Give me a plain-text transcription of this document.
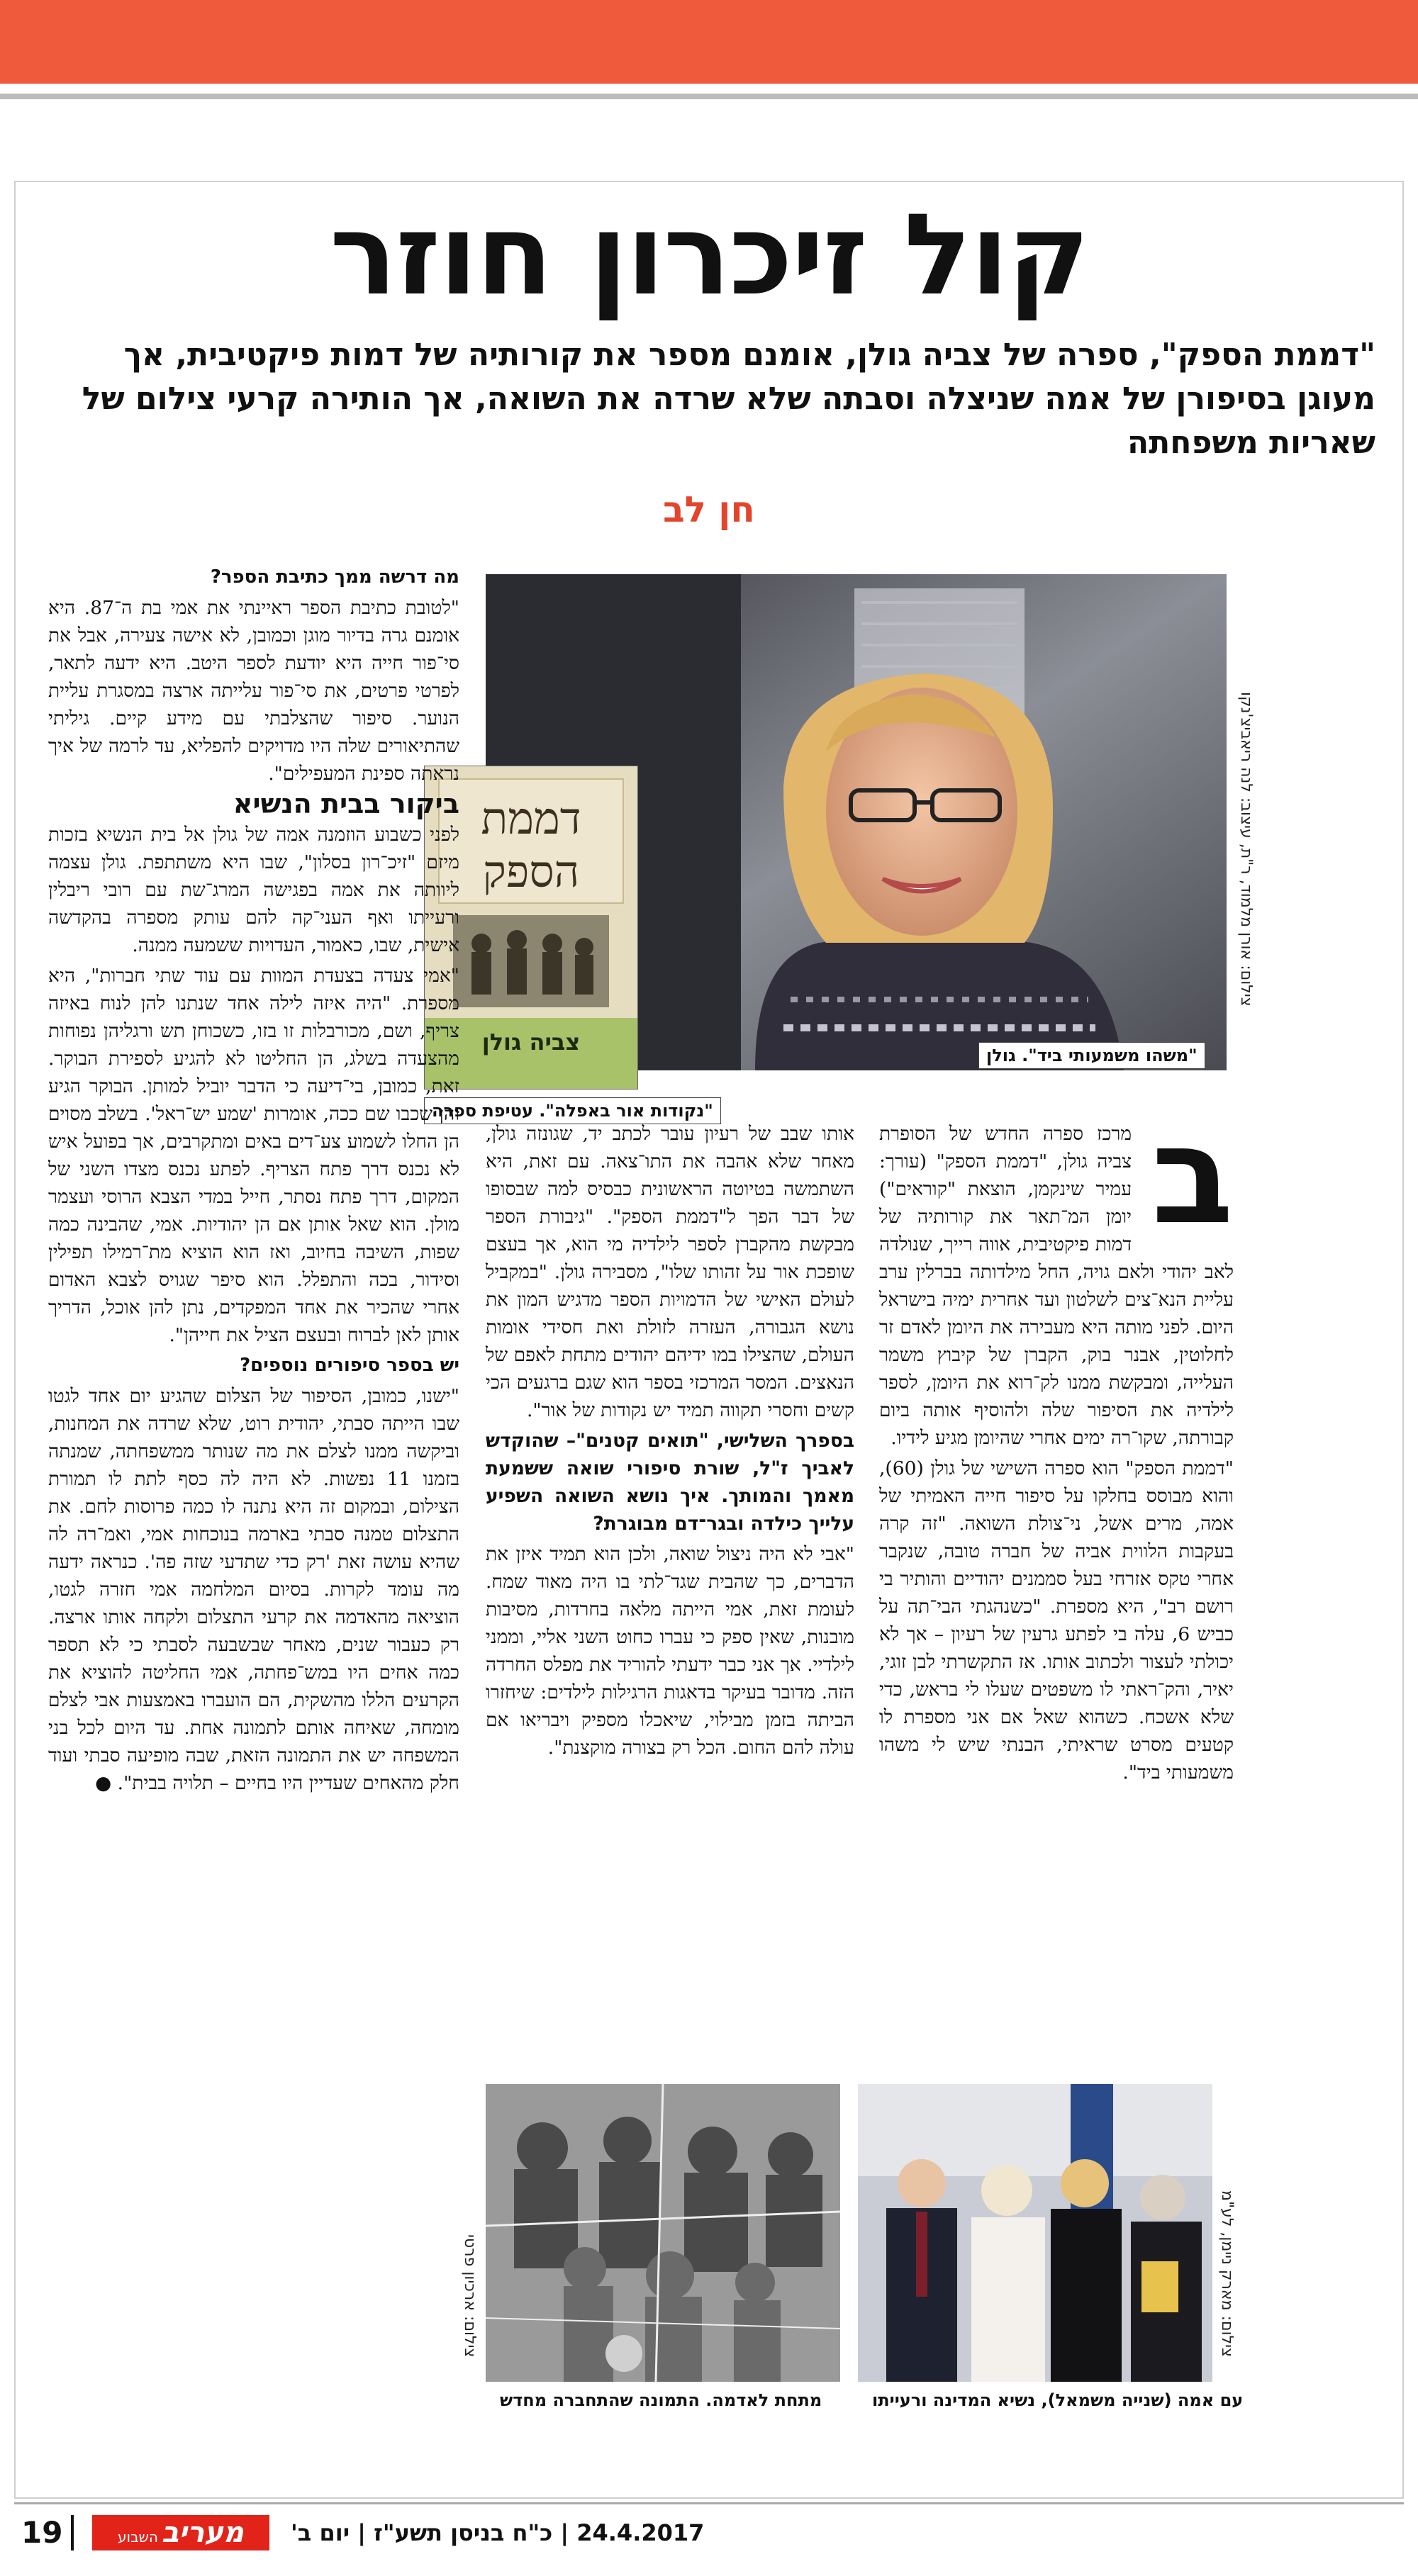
קול זיכרון חוזר
"דממת הספק", ספרה של צביה גולן, אומנם מספר את קורותיה של דמות פיקטיבית, אך מעוגן בסיפורן של אמה שניצלה וסבתה שלא שרדה את השואה, אך הותירה קרעי צילום של שאריות משפחתה
חן לב
צילום: אורן מלמוד, ר"ת, עיצוב: לנה ריאביצ'נקו
"משהו משמעותי ביד". גולן
דממת
הספק
צביה גולן
"נקודות אור באפלה". עטיפת ספרה	ב

מרכז ספרה החדש של הסופרת צביה גולן, "דממת הספק" (עורך: עמיר שינקמן, הוצאת "קוראים") יומן המ־תאר את קורותיה של דמות פיקטיבית, אווה רייך, שנולדה לאב יהודי ולאם גויה, החל מילדותה בברלין ערב עליית הנא־צים לשלטון ועד אחרית ימיה בישראל היום. לפני מותה היא מעבירה את היומן לאדם זר לחלוטין, אבנר בוק, הקברן של קיבוץ משמר העלייה, ומבקשת ממנו לק־רוא את היומן, לספר לילדיה את הסיפור שלה ולהוסיף אותה ביום קבורתה, שקו־רה ימים אחרי שהיומן מגיע לידיו.

"דממת הספק" הוא ספרה השישי של גולן (60), והוא מבוסס בחלקו על סיפור חייה האמיתי של אמה, מרים אשל, ני־צולת השואה. "זה קרה בעקבות הלווית אביה של חברה טובה, שנקבר אחרי טקס אזרחי בעל סממנים יהודיים והותיר בי רושם רב", היא מספרת. "כשנהגתי הבי־תה על כביש 6, עלה בי לפתע גרעין של רעיון – אך לא יכולתי לעצור ולכתוב אותו. אז התקשרתי לבן זוגי, יאיר, והק־ראתי לו משפטים שעלו לי בראש, כדי שלא אשכח. כשהוא שאל אם אני מספרת לו קטעים מסרט שראיתי, הבנתי שיש לי משהו משמעותי ביד".

אותו שבב של רעיון עובר לכתב יד, שגונזה גולן, מאחר שלא אהבה את התו־צאה. עם זאת, היא השתמשה בטיוטה הראשונית כבסיס למה שבסופו של דבר הפך ל"דממת הספק". "גיבורת הספר מבקשת מהקברן לספר לילדיה מי הוא, אך בעצם שופכת אור על זהותו שלו", מסבירה גולן. "במקביל לעולם האישי של הדמויות הספר מדגיש המון את נושא הגבורה, העזרה לזולת ואת חסידי אומות העולם, שהצילו במו ידיהם יהודים מתחת לאפם של הנאצים. המסר המרכזי בספר הוא שגם ברגעים הכי קשים וחסרי תקווה תמיד יש נקודות של אור".

בספרך השלישי, "תואים קטנים"– שהוקדש לאביך ז"ל, שורת סיפורי שואה ששמעת מאמך והמותך. איך נושא השואה השפיע עלייך כילדה ובגר־דם מבוגרת?

"אבי לא היה ניצול שואה, ולכן הוא תמיד איזן את הדברים, כך שהבית שגד־לתי בו היה מאוד שמח. לעומת זאת, אמי הייתה מלאה בחרדות, מסיבות מובנות, שאין ספק כי עברו כחוט השני אליי, וממני לילדיי. אך אני כבר ידעתי להוריד את מפלס החרדה הזה. מדובר בעיקר בדאגות הרגילות לילדים: שיחזרו הביתה בזמן מבילוי, שיאכלו מספיק ויבריאו אם עולה להם החום. הכל רק בצורה מוקצנת".

מה דרשה ממך כתיבת הספר?

"לטובת כתיבת הספר ראיינתי את אמי בת ה־87. היא אומנם גרה בדיור מוגן וכמובן, לא אישה צעירה, אבל את סי־פור חייה היא יודעת לספר היטב. היא ידעה לתאר, לפרטי פרטים, את סי־פור עלייתה ארצה במסגרת עליית הנוער. סיפור שהצלבתי עם מידע קיים. גיליתי שהתיאורים שלה היו מדויקים להפליא, עד לרמה של איך נראתה ספינת המעפילים".

ביקור בבית הנשיא

לפני כשבוע הוזמנה אמה של גולן אל בית הנשיא בזכות מיזם "זיכ־רון בסלון", שבו היא משתתפת. גולן עצמה ליוותה את אמה בפגישה המרג־שת עם רובי ריבלין ורעייתו ואף העני־קה להם עותק מספרה בהקדשה אישית, שבו, כאמור, העדויות ששמעה ממנה.

"אמי צעדה בצעדת המוות עם עוד שתי חברות", היא מספרת. "היה איזה לילה אחד שנתנו להן לנוח באיזה צריף, ושם, מכורבלות זו בזו, כשכוחן תש ורגליהן נפוחות מהצעדה בשלג, הן החליטו לא להגיע לספירת הבוקר. זאת, כמובן, בי־דיעה כי הדבר יוביל למותן. הבוקר הגיע והן שכבו שם ככה, אומרות 'שמע יש־ראל'. בשלב מסוים הן החלו לשמוע צע־דים באים ומתקרבים, אך בפועל איש לא נכנס דרך פתח הצריף. לפתע נכנס מצדו השני של המקום, דרך פתח נסתר, חייל במדי הצבא הרוסי ועצמר מולן. הוא שאל אותן אם הן יהודיות. אמי, שהבינה כמה שפות, השיבה בחיוב, ואז הוא הוציא מת־רמילו תפילין וסידור, בכה והתפלל. הוא סיפר שגויס לצבא האדום אחרי שהכיר את אחד המפקדים, נתן להן אוכל, הדריך אותן לאן לברוח ובעצם הציל את חייהן".

יש בספר סיפורים נוספים?

"ישנו, כמובן, הסיפור של הצלום שהגיע יום אחד לגטו שבו הייתה סבתי, יהודית רוט, שלא שרדה את המחנות, וביקשה ממנו לצלם את מה שנותר ממשפחתה, שמנתה בזמנו 11 נפשות. לא היה לה כסף לתת לו תמורת הצילום, ובמקום זה היא נתנה לו כמה פרוסות לחם. את התצלום טמנה סבתי בארמה בנוכחות אמי, ואמ־רה לה שהיא עושה זאת 'רק כדי שתדעי שזה פה'. כנראה ידעה מה עומד לקרות. בסיום המלחמה אמי חזרה לגטו, הוציאה מהאדמה את קרעי התצלום ולקחה אותו ארצה. רק כעבור שנים, מאחר שבשבעה לסבתי כי לא תספר כמה אחים היו במש־פחתה, אמי החליטה להוציא את הקרעים הללו מהשקית, הם הועברו באמצעות אבי לצלם מומחה, שאיחה אותם לתמונה אחת. עד היום לכל בני המשפחה יש את התמונה הזאת, שבה מופיעה סבתי ועוד חלק מהאחים שעדיין היו בחיים – תלויה בבית". ●

צילום: מארק ניימן, לע"מ
עם אמה (שנייה משמאל), נשיא המדינה ורעייתו
צילום: ארכיון פרטי
מתחת לאדמה. התמונה שהתחברה מחדש
19	מעריב השבוע	24.4.2017 | כ"ח בניסן תשע"ז | יום ב'
